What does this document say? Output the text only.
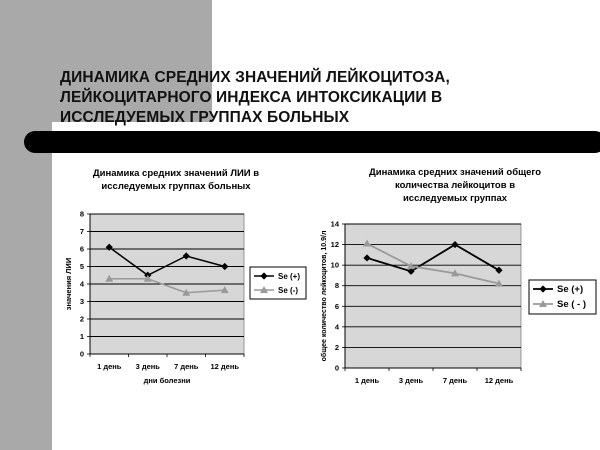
ДИНАМИКА СРЕДНИХ ЗНАЧЕНИЙ ЛЕЙКОЦИТОЗА,
ЛЕЙКОЦИТАРНОГО ИНДЕКСА ИНТОКСИКАЦИИ В
ИССЛЕДУЕМЫХ ГРУППАХ БОЛЬНЫХ
Динамика средних значений ЛИИ в
исследуемых группах больных
0
1
2
3
4
5
6
7
8
1 день 3 день 7 день 12 день
значения ЛИИ
дни болезни
Se (+)
Se (-)
Динамика средних значений общего
количества лейкоцитов в
исследуемых группах
0
2
4
6
8
10
12
14
1 день	3 день	7 день 12 день
общее количество лейкоцитов, 10.9/л	Se (+)
Se ( - )
